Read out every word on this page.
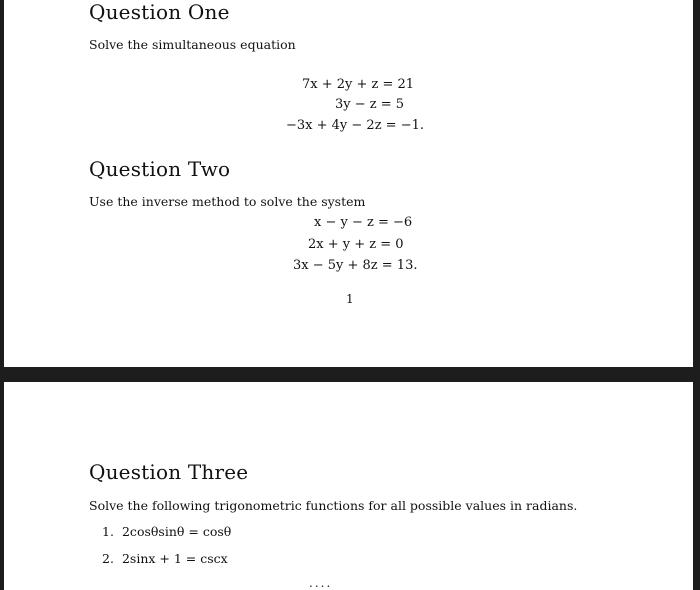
Question One

Solve the simultaneous equation

7x + 2y + z = 21
3y − z = 5
−3x + 4y − 2z = −1.
Question Two

Use the inverse method to solve the system

x − y − z = −6
2x + y + z = 0
3x − 5y + 8z = 13.
1
Question Three

Solve the following trigonometric functions for all possible values in radians.

1. 2cosθsinθ = cosθ
2. 2sinx + 1 = cscx
....
